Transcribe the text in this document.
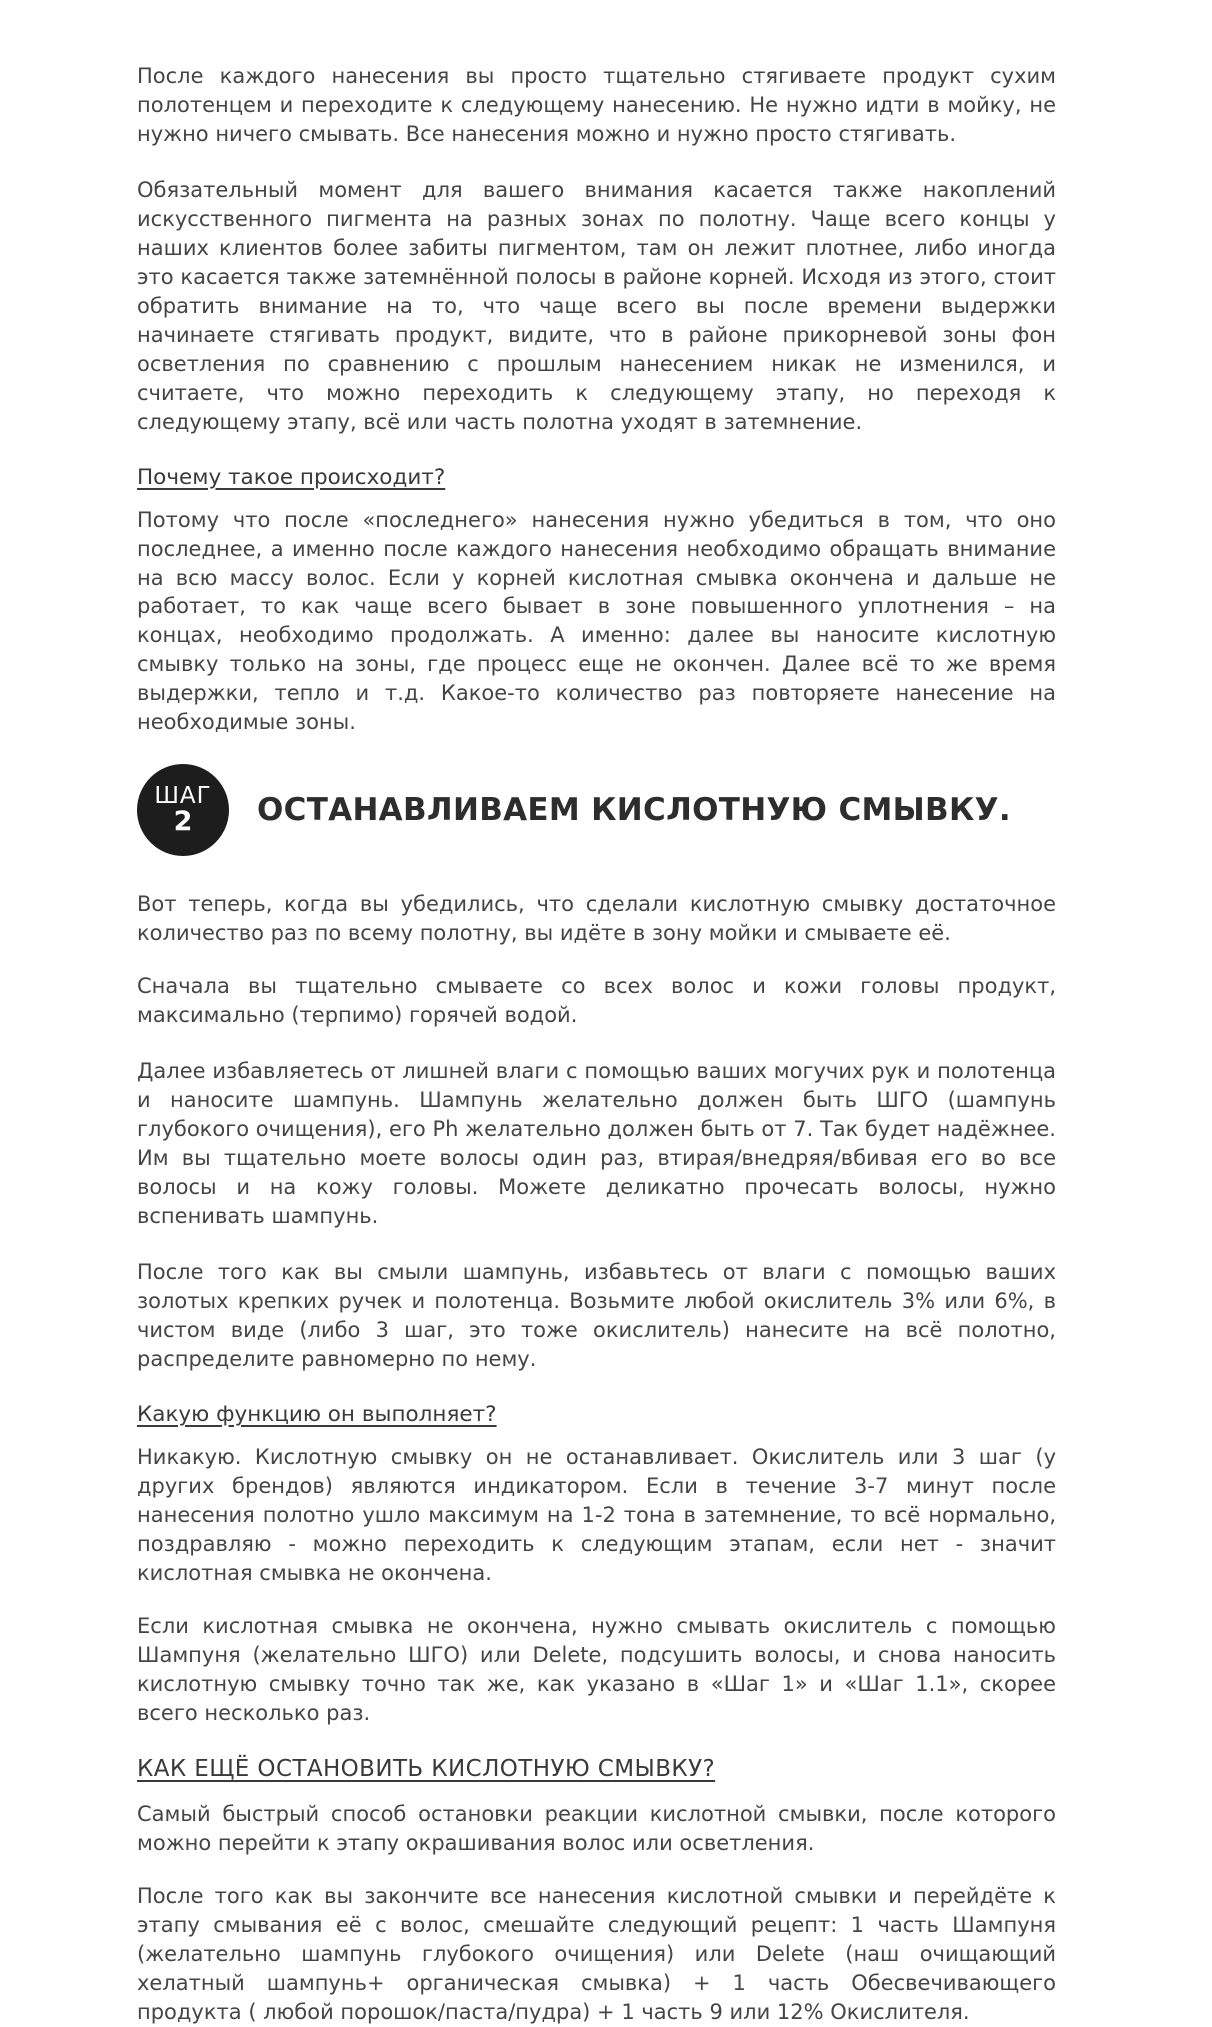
После каждого нанесения вы просто тщательно стягиваете продукт сухим полотенцем и переходите к следующему нанесению. Не нужно идти в мойку, не нужно ничего смывать. Все нанесения можно и нужно просто стягивать.

Обязательный момент для вашего внимания касается также накоплений искусственного пигмента на разных зонах по полотну. Чаще всего концы у наших клиентов более забиты пигментом, там он лежит плотнее, либо иногда это касается также затемнённой полосы в районе корней. Исходя из этого, стоит обратить внимание на то, что чаще всего вы после времени выдержки начинаете стягивать продукт, видите, что в районе прикорневой зоны фон осветления по сравнению с прошлым нанесением никак не изменился, и считаете, что можно переходить к следующему этапу, но переходя к следующему этапу, всё или часть полотна уходят в затемнение.

Почему такое происходит?

Потому что после «последнего» нанесения нужно убедиться в том, что оно последнее, а именно после каждого нанесения необходимо обращать внимание на всю массу волос. Если у корней кислотная смывка окончена и дальше не работает, то как чаще всего бывает в зоне повышенного уплотнения – на концах, необходимо продолжать. А именно: далее вы наносите кислотную смывку только на зоны, где процесс еще не окончен. Далее всё то же время выдержки, тепло и т.д. Какое-то количество раз повторяете нанесение на необходимые зоны.

ШАГ
2 ОСТАНАВЛИВАЕМ КИСЛОТНУЮ СМЫВКУ.

Вот теперь, когда вы убедились, что сделали кислотную смывку достаточное количество раз по всему полотну, вы идёте в зону мойки и смываете её.

Сначала вы тщательно смываете со всех волос и кожи головы продукт, максимально (терпимо) горячей водой.

Далее избавляетесь от лишней влаги с помощью ваших могучих рук и полотенца и наносите шампунь. Шампунь желательно должен быть ШГО (шампунь глубокого очищения), его Ph желательно должен быть от 7. Так будет надёжнее. Им вы тщательно моете волосы один раз, втирая/внедряя/вбивая его во все волосы и на кожу головы. Можете деликатно прочесать волосы, нужно вспенивать шампунь.

После того как вы смыли шампунь, избавьтесь от влаги с помощью ваших золотых крепких ручек и полотенца. Возьмите любой окислитель 3% или 6%, в чистом виде (либо 3 шаг, это тоже окислитель) нанесите на всё полотно, распределите равномерно по нему.

Какую функцию он выполняет?

Никакую. Кислотную смывку он не останавливает. Окислитель или 3 шаг (у других брендов) являются индикатором. Если в течение 3-7 минут после нанесения полотно ушло максимум на 1-2 тона в затемнение, то всё нормально, поздравляю - можно переходить к следующим этапам, если нет - значит кислотная смывка не окончена.

Если кислотная смывка не окончена, нужно смывать окислитель с помощью Шампуня (желательно ШГО) или Delete, подсушить волосы, и снова наносить кислотную смывку точно так же, как указано в «Шаг 1» и «Шаг 1.1», скорее всего несколько раз.

КАК ЕЩЁ ОСТАНОВИТЬ КИСЛОТНУЮ СМЫВКУ?

Самый быстрый способ остановки реакции кислотной смывки, после которого можно перейти к этапу окрашивания волос или осветления.

После того как вы закончите все нанесения кислотной смывки и перейдёте к этапу смывания её с волос, смешайте следующий рецепт: 1 часть Шампуня (желательно шампунь глубокого очищения) или Delete (наш очищающий хелатный шампунь+ органическая смывка) + 1 часть Обесвечивающего продукта ( любой порошок/паста/пудра) + 1 часть 9 или 12% Окислителя.
